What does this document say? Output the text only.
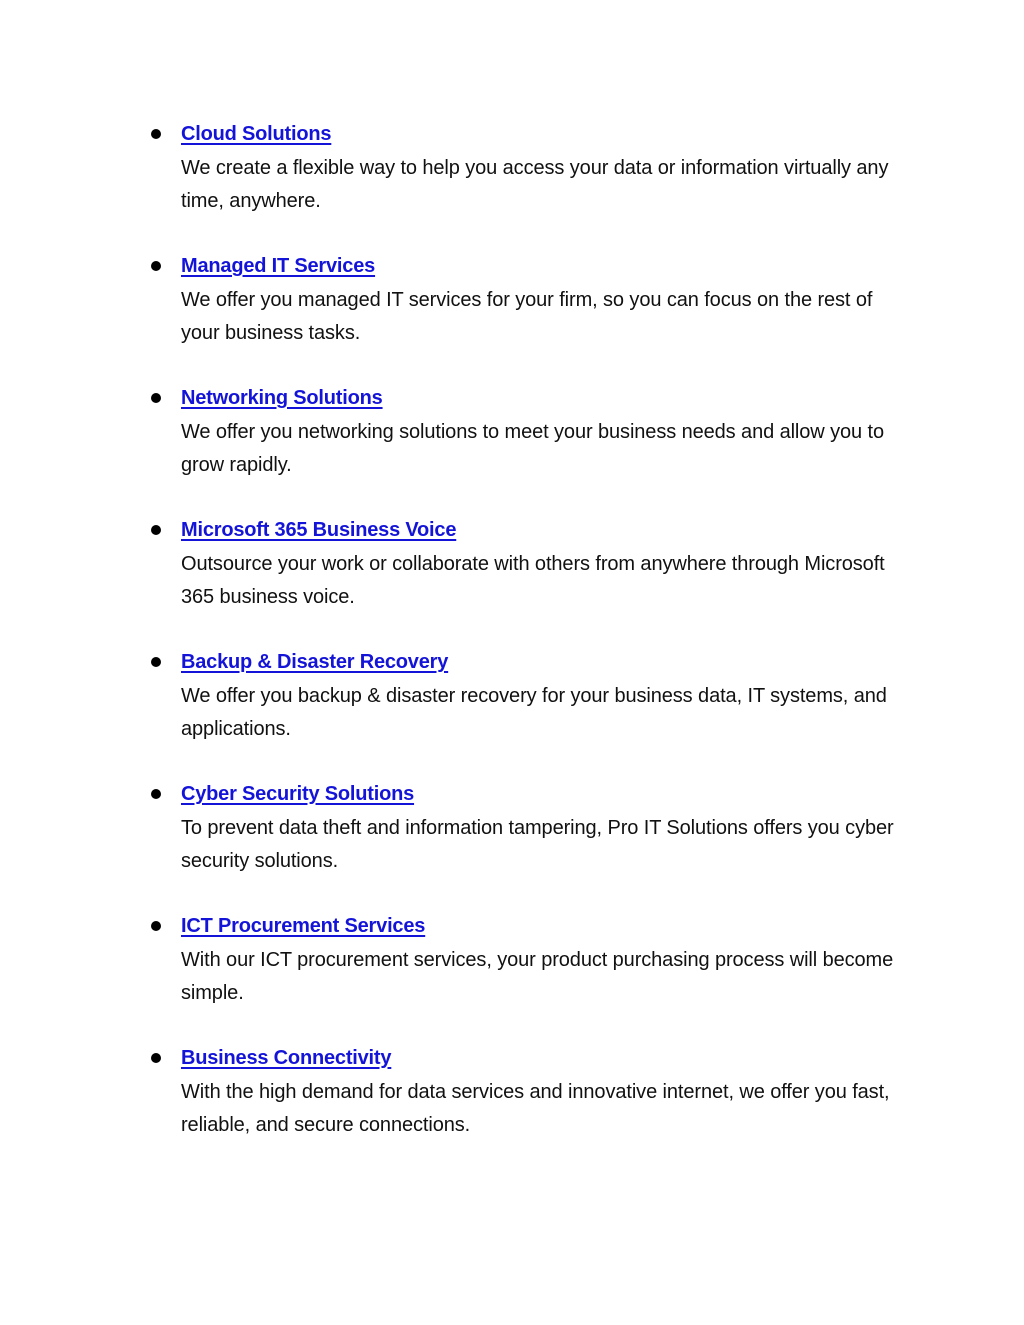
Cloud Solutions

We create a flexible way to help you access your data or information virtually any time, anywhere.

Managed IT Services

We offer you managed IT services for your firm, so you can focus on the rest of your business tasks.

Networking Solutions

We offer you networking solutions to meet your business needs and allow you to grow rapidly.

Microsoft 365 Business Voice

Outsource your work or collaborate with others from anywhere through Microsoft 365 business voice.

Backup & Disaster Recovery

We offer you backup & disaster recovery for your business data, IT systems, and applications.

Cyber Security Solutions

To prevent data theft and information tampering, Pro IT Solutions offers you cyber security solutions.

ICT Procurement Services

With our ICT procurement services, your product purchasing process will become simple.

Business Connectivity

With the high demand for data services and innovative internet, we offer you fast, reliable, and secure connections.
